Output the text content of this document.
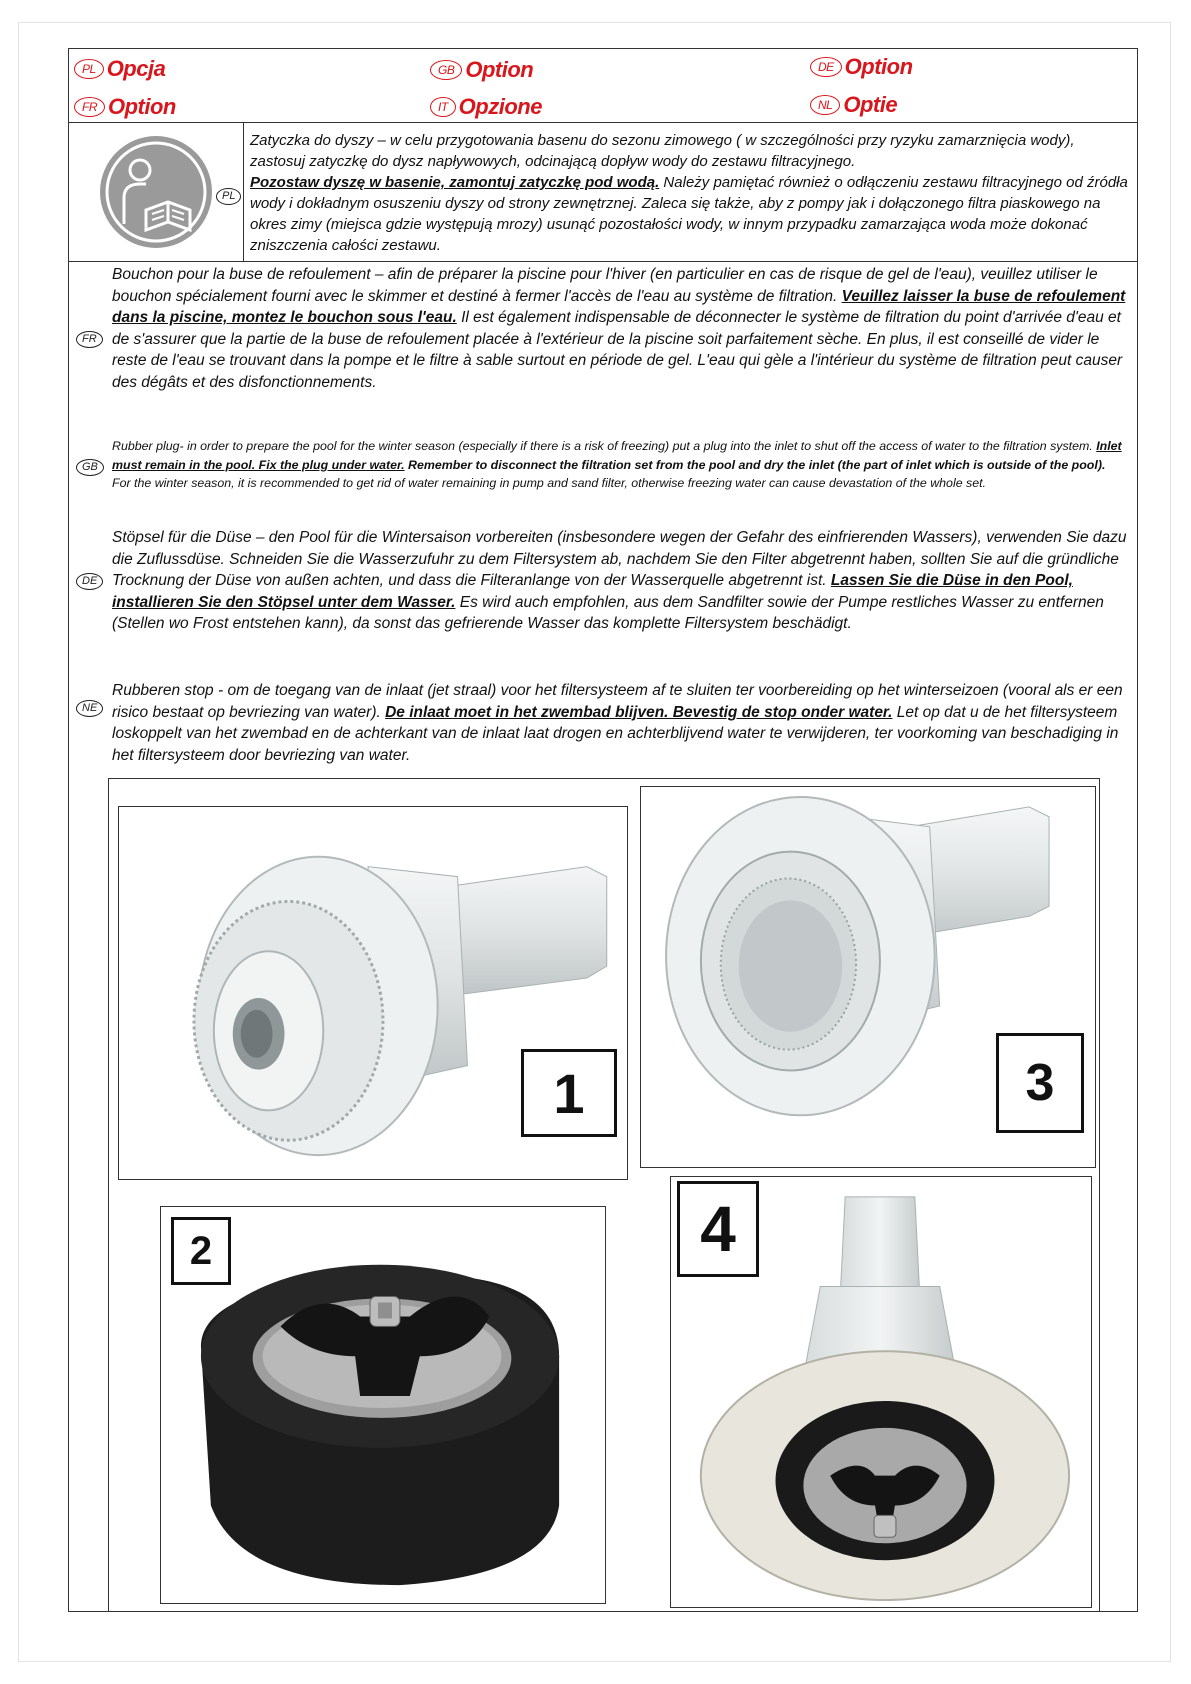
PL Opcja	GB Option	DE Option
FR Option	IT Opzione	NL Optie
PL
FR
GB
DE
NE

Zatyczka do dyszy – w celu przygotowania basenu do sezonu zimowego ( w szczególności przy ryzyku zamarznięcia wody), zastosuj zatyczkę do dysz napływowych, odcinającą dopływ wody do zestawu filtracyjnego.
Pozostaw dyszę w basenie, zamontuj zatyczkę pod wodą. Należy pamiętać również o odłączeniu zestawu filtracyjnego od źródła wody i dokładnym osuszeniu dyszy od strony zewnętrznej. Zaleca się także, aby z pompy jak i dołączonego filtra piaskowego na okres zimy (miejsca gdzie występują mrozy) usunąć pozostałości wody, w innym przypadku zamarzająca woda może dokonać zniszczenia całości zestawu.

Bouchon pour la buse de refoulement – afin de préparer la piscine pour l'hiver (en particulier en cas de risque de gel de l'eau), veuillez utiliser le bouchon spécialement fourni avec le skimmer et destiné à fermer l'accès de l'eau au système de filtration. Veuillez laisser la buse de refoulement dans la piscine, montez le bouchon sous l'eau. Il est également indispensable de déconnecter le système de filtration du point d'arrivée d'eau et de s'assurer que la partie de la buse de refoulement placée à l'extérieur de la piscine soit parfaitement sèche. En plus, il est conseillé de vider le reste de l'eau se trouvant dans la pompe et le filtre à sable surtout en période de gel. L'eau qui gèle a l'intérieur du système de filtration peut causer des dégâts et des disfonctionnements.

Rubber plug- in order to prepare the pool for the winter season (especially if there is a risk of freezing) put a plug into the inlet to shut off the access of water to the filtration system. Inlet must remain in the pool. Fix the plug under water. Remember to disconnect the filtration set from the pool and dry the inlet (the part of inlet which is outside of the pool). For the winter season, it is recommended to get rid of water remaining in pump and sand filter, otherwise freezing water can cause devastation of the whole set.

Stöpsel für die Düse – den Pool für die Wintersaison vorbereiten (insbesondere wegen der Gefahr des einfrierenden Wassers), verwenden Sie dazu die Zuflussdüse. Schneiden Sie die Wasserzufuhr zu dem Filtersystem ab, nachdem Sie den Filter abgetrennt haben, sollten Sie auf die gründliche Trocknung der Düse von außen achten, und dass die Filteranlange von der Wasserquelle abgetrennt ist. Lassen Sie die Düse in den Pool, installieren Sie den Stöpsel unter dem Wasser. Es wird auch empfohlen, aus dem Sandfilter sowie der Pumpe restliches Wasser zu entfernen (Stellen wo Frost entstehen kann), da sonst das gefrierende Wasser das komplette Filtersystem beschädigt.

Rubberen stop - om de toegang van de inlaat (jet straal) voor het filtersysteem af te sluiten ter voorbereiding op het winterseizoen (vooral als er een risico bestaat op bevriezing van water). De inlaat moet in het zwembad blijven. Bevestig de stop onder water. Let op dat u de het filtersysteem loskoppelt van het zwembad en de achterkant van de inlaat laat drogen en achterblijvend water te verwijderen, ter voorkoming van beschadiging in het filtersysteem door bevriezing van water.

1	3
2	4
